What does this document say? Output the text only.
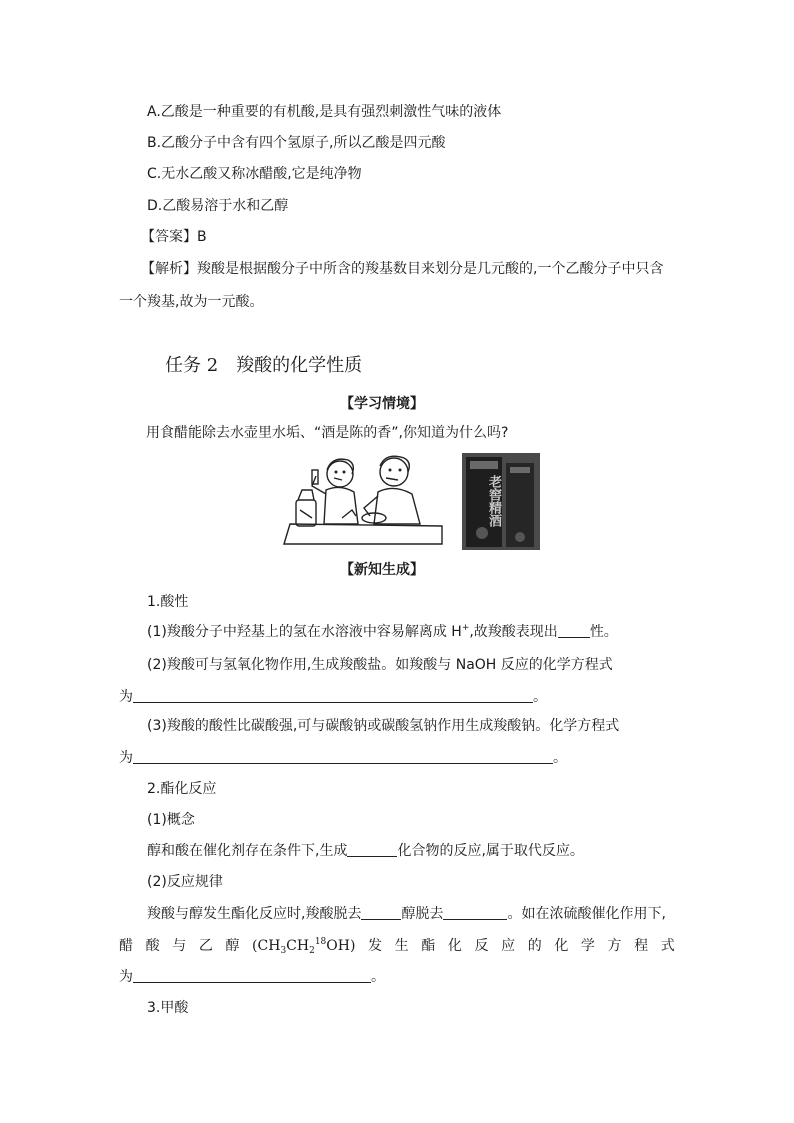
A.乙酸是一种重要的有机酸,是具有强烈刺激性气味的液体
B.乙酸分子中含有四个氢原子,所以乙酸是四元酸
C.无水乙酸又称冰醋酸,它是纯净物
D.乙酸易溶于水和乙醇
【答案】B
【解析】羧酸是根据酸分子中所含的羧基数目来划分是几元酸的,一个乙酸分子中只含
一个羧基,故为一元酸。
任务 2　羧酸的化学性质
【学习情境】
用食醋能除去水壶里水垢、“酒是陈的香”,你知道为什么吗?
老窖精酒
【新知生成】
1.酸性
(1)羧酸分子中羟基上的氢在水溶液中容易解离成 H+,故羧酸表现出 性。
(2)羧酸可与氢氧化物作用,生成羧酸盐。如羧酸与 NaOH 反应的化学方程式
为	。
(3)羧酸的酸性比碳酸强,可与碳酸钠或碳酸氢钠作用生成羧酸钠。化学方程式
为	。
2.酯化反应
(1)概念
醇和酸在催化剂存在条件下,生成	化合物的反应,属于取代反应。
(2)反应规律
羧酸与醇发生酯化反应时,羧酸脱去	醇脱去	。如在浓硫酸催化作用下,
醋 酸 与 乙 醇 $(CH_3CH_2^{18}OH)$ 发 生 酯 化 反 应 的 化 学 方 程 式
为	。
3.甲酸
